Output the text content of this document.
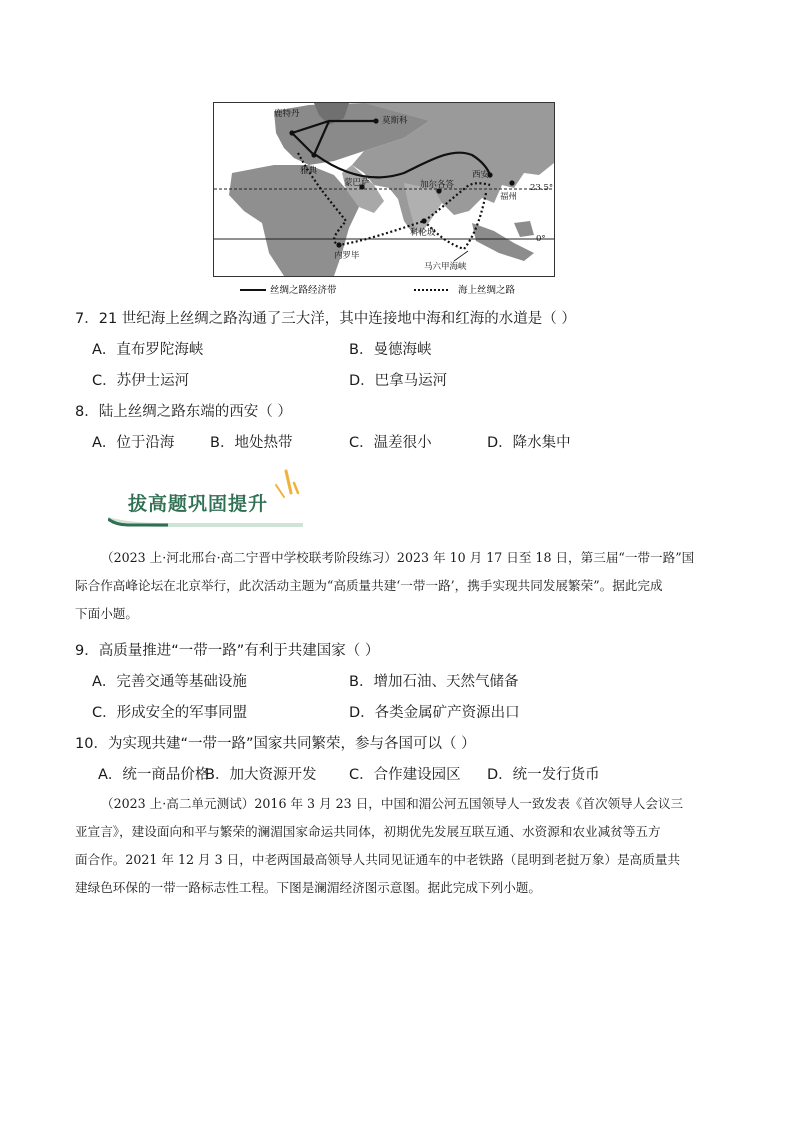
鹿特丹
莫斯科
雅典
蒙巴萨	加尔各答
西安
福州
科伦坡
内罗毕
马六甲海峡
23.5°
0°
丝绸之路经济带	海上丝绸之路
7．21 世纪海上丝绸之路沟通了三大洋，其中连接地中海和红海的水道是（ ）
A．直布罗陀海峡	B．曼德海峡
C．苏伊士运河	D．巴拿马运河
8．陆上丝绸之路东端的西安（ ）
A．位于沿海 B．地处热带	C．温差很小	D．降水集中
拔高题巩固提升
（2023 上·河北邢台·高二宁晋中学校联考阶段练习）2023 年 10 月 17 日至 18 日，第三届“一带一路”国
际合作高峰论坛在北京举行，此次活动主题为“高质量共建‘一带一路’，携手实现共同发展繁荣”。据此完成
下面小题。
9．高质量推进“一带一路”有利于共建国家（ ）
A．完善交通等基础设施	B．增加石油、天然气储备
C．形成安全的军事同盟	D．各类金属矿产资源出口
10．为实现共建“一带一路”国家共同繁荣，参与各国可以（ ）
A．统一商品价格
B．加大资源开发 C．合作建设园区 D．统一发行货币
（2023 上·高二单元测试）2016 年 3 月 23 日，中国和湄公河五国领导人一致发表《首次领导人会议三
亚宣言》，建设面向和平与繁荣的澜湄国家命运共同体，初期优先发展互联互通、水资源和农业减贫等五方
面合作。2021 年 12 月 3 日，中老两国最高领导人共同见证通车的中老铁路（昆明到老挝万象）是高质量共
建绿色环保的一带一路标志性工程。下图是澜湄经济图示意图。据此完成下列小题。
